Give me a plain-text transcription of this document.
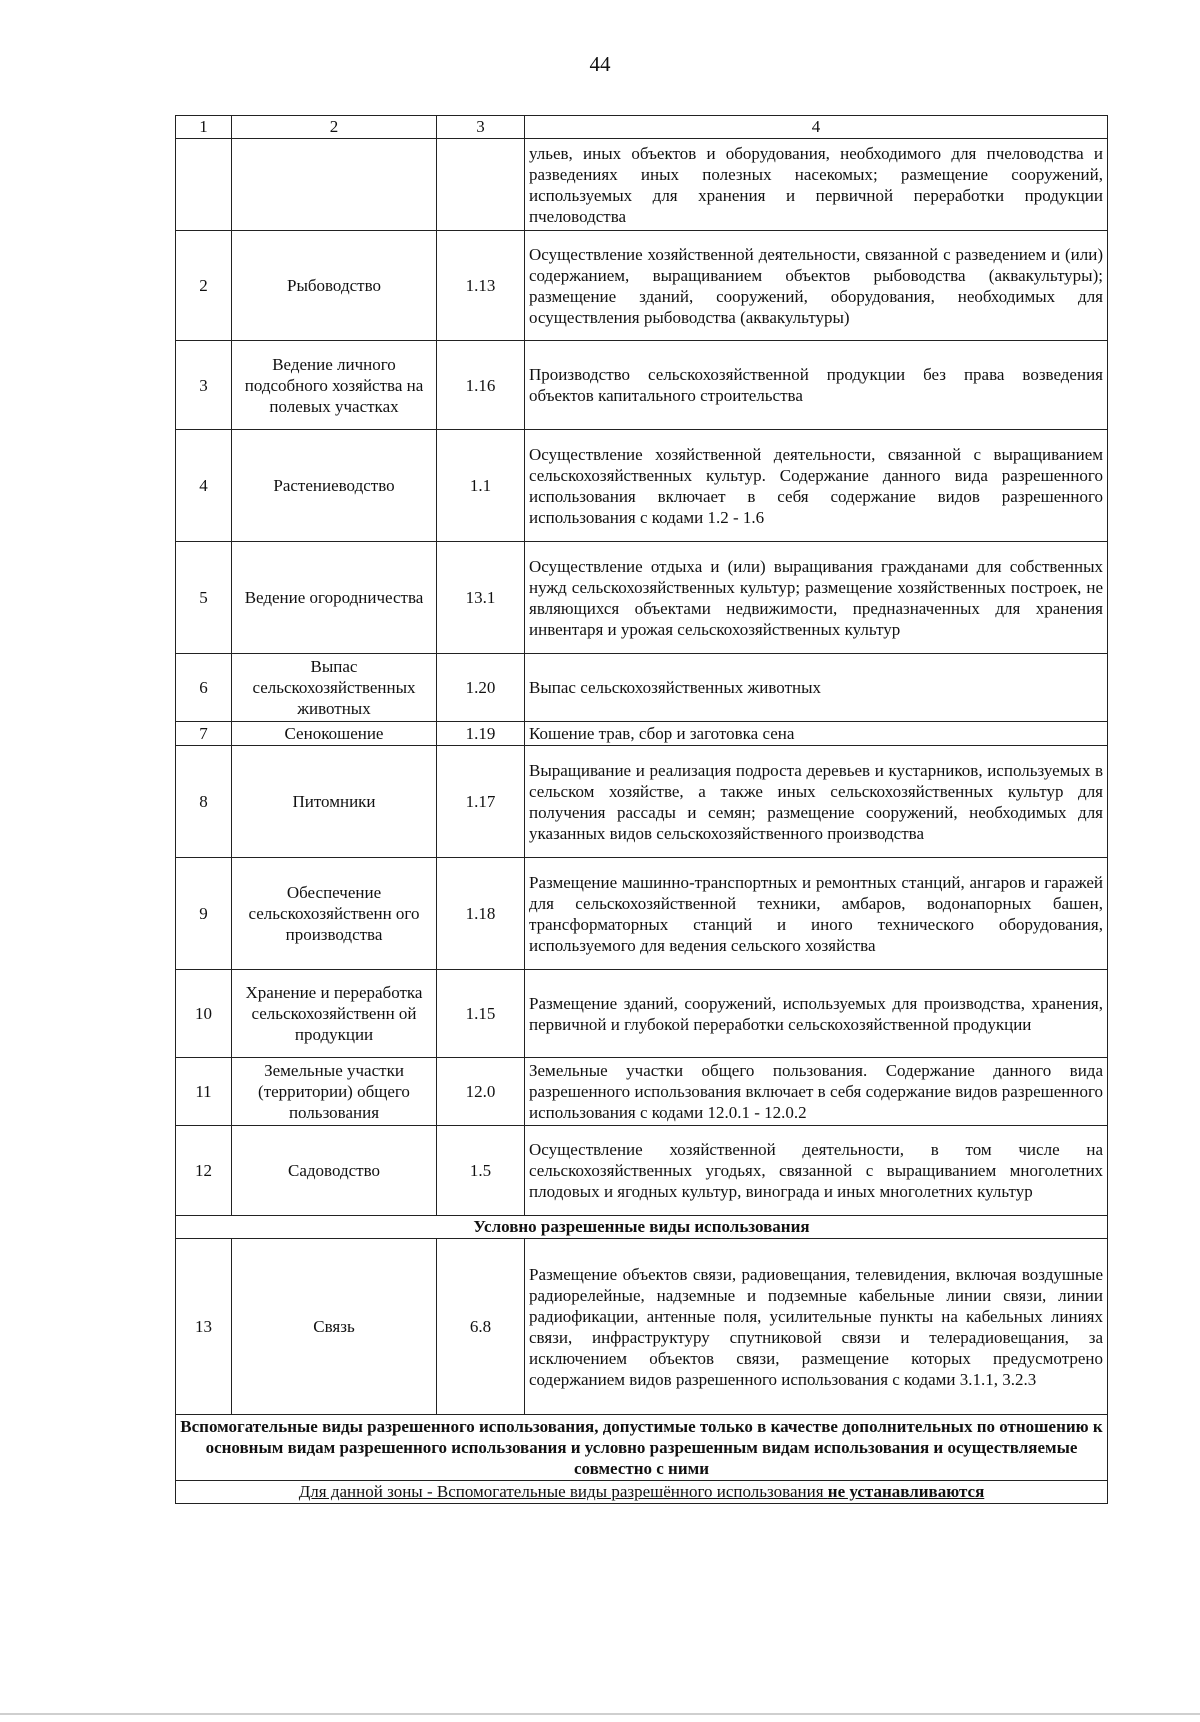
44
1	2	3	4
			ульев, иных объектов и оборудования, необходимого для пчеловодства и разведениях иных полезных насекомых; размещение сооружений, используемых для хранения и первичной переработки продукции пчеловодства
2	Рыбоводство	1.13	Осуществление хозяйственной деятельности, связанной с разведением и (или) содержанием, выращиванием объектов рыбоводства (аквакультуры); размещение зданий, сооружений, оборудования, необходимых для осуществления рыбоводства (аквакультуры)
3	Ведение личного подсобного хозяйства на полевых участках	1.16	Производство сельскохозяйственной продукции без права возведения объектов капитального строительства
4	Растениеводство	1.1	Осуществление хозяйственной деятельности, связанной с выращиванием сельскохозяйственных культур. Содержание данного вида разрешенного использования включает в себя содержание видов разрешенного использования с кодами 1.2 - 1.6
5	Ведение огородничества	13.1	Осуществление отдыха и (или) выращивания гражданами для собственных нужд сельскохозяйственных культур; размещение хозяйственных построек, не являющихся объектами недвижимости, предназначенных для хранения инвентаря и урожая сельскохозяйственных культур
6	Выпас сельскохозяйственных животных	1.20	Выпас сельскохозяйственных животных
7	Сенокошение	1.19	Кошение трав, сбор и заготовка сена
8	Питомники	1.17	Выращивание и реализация подроста деревьев и кустарников, используемых в сельском хозяйстве, а также иных сельскохозяйственных культур для получения рассады и семян; размещение сооружений, необходимых для указанных видов сельскохозяйственного производства
9	Обеспечение сельскохозяйственн ого производства	1.18	Размещение машинно-транспортных и ремонтных станций, ангаров и гаражей для сельскохозяйственной техники, амбаров, водонапорных башен, трансформаторных станций и иного технического оборудования, используемого для ведения сельского хозяйства
10	Хранение и переработка сельскохозяйственн ой продукции	1.15	Размещение зданий, сооружений, используемых для производства, хранения, первичной и глубокой переработки сельскохозяйственной продукции
11	Земельные участки (территории) общего пользования	12.0	Земельные участки общего пользования. Содержание данного вида разрешенного использования включает в себя содержание видов разрешенного использования с кодами 12.0.1 - 12.0.2
12	Садоводство	1.5	Осуществление хозяйственной деятельности, в том числе на сельскохозяйственных угодьях, связанной с выращиванием многолетних плодовых и ягодных культур, винограда и иных многолетних культур
Условно разрешенные виды использования			
13	Связь	6.8	Размещение объектов связи, радиовещания, телевидения, включая воздушные радиорелейные, надземные и подземные кабельные линии связи, линии радиофикации, антенные поля, усилительные пункты на кабельных линиях связи, инфраструктуру спутниковой связи и телерадиовещания, за исключением объектов связи, размещение которых предусмотрено содержанием видов разрешенного использования с кодами 3.1.1, 3.2.3
Вспомогательные виды разрешенного использования, допустимые только в качестве дополнительных по отношению к основным видам разрешенного использования и условно разрешенным видам использования и осуществляемые совместно с ними			
Для данной зоны - Вспомогательные виды разрешённого использования не устанавливаются			
